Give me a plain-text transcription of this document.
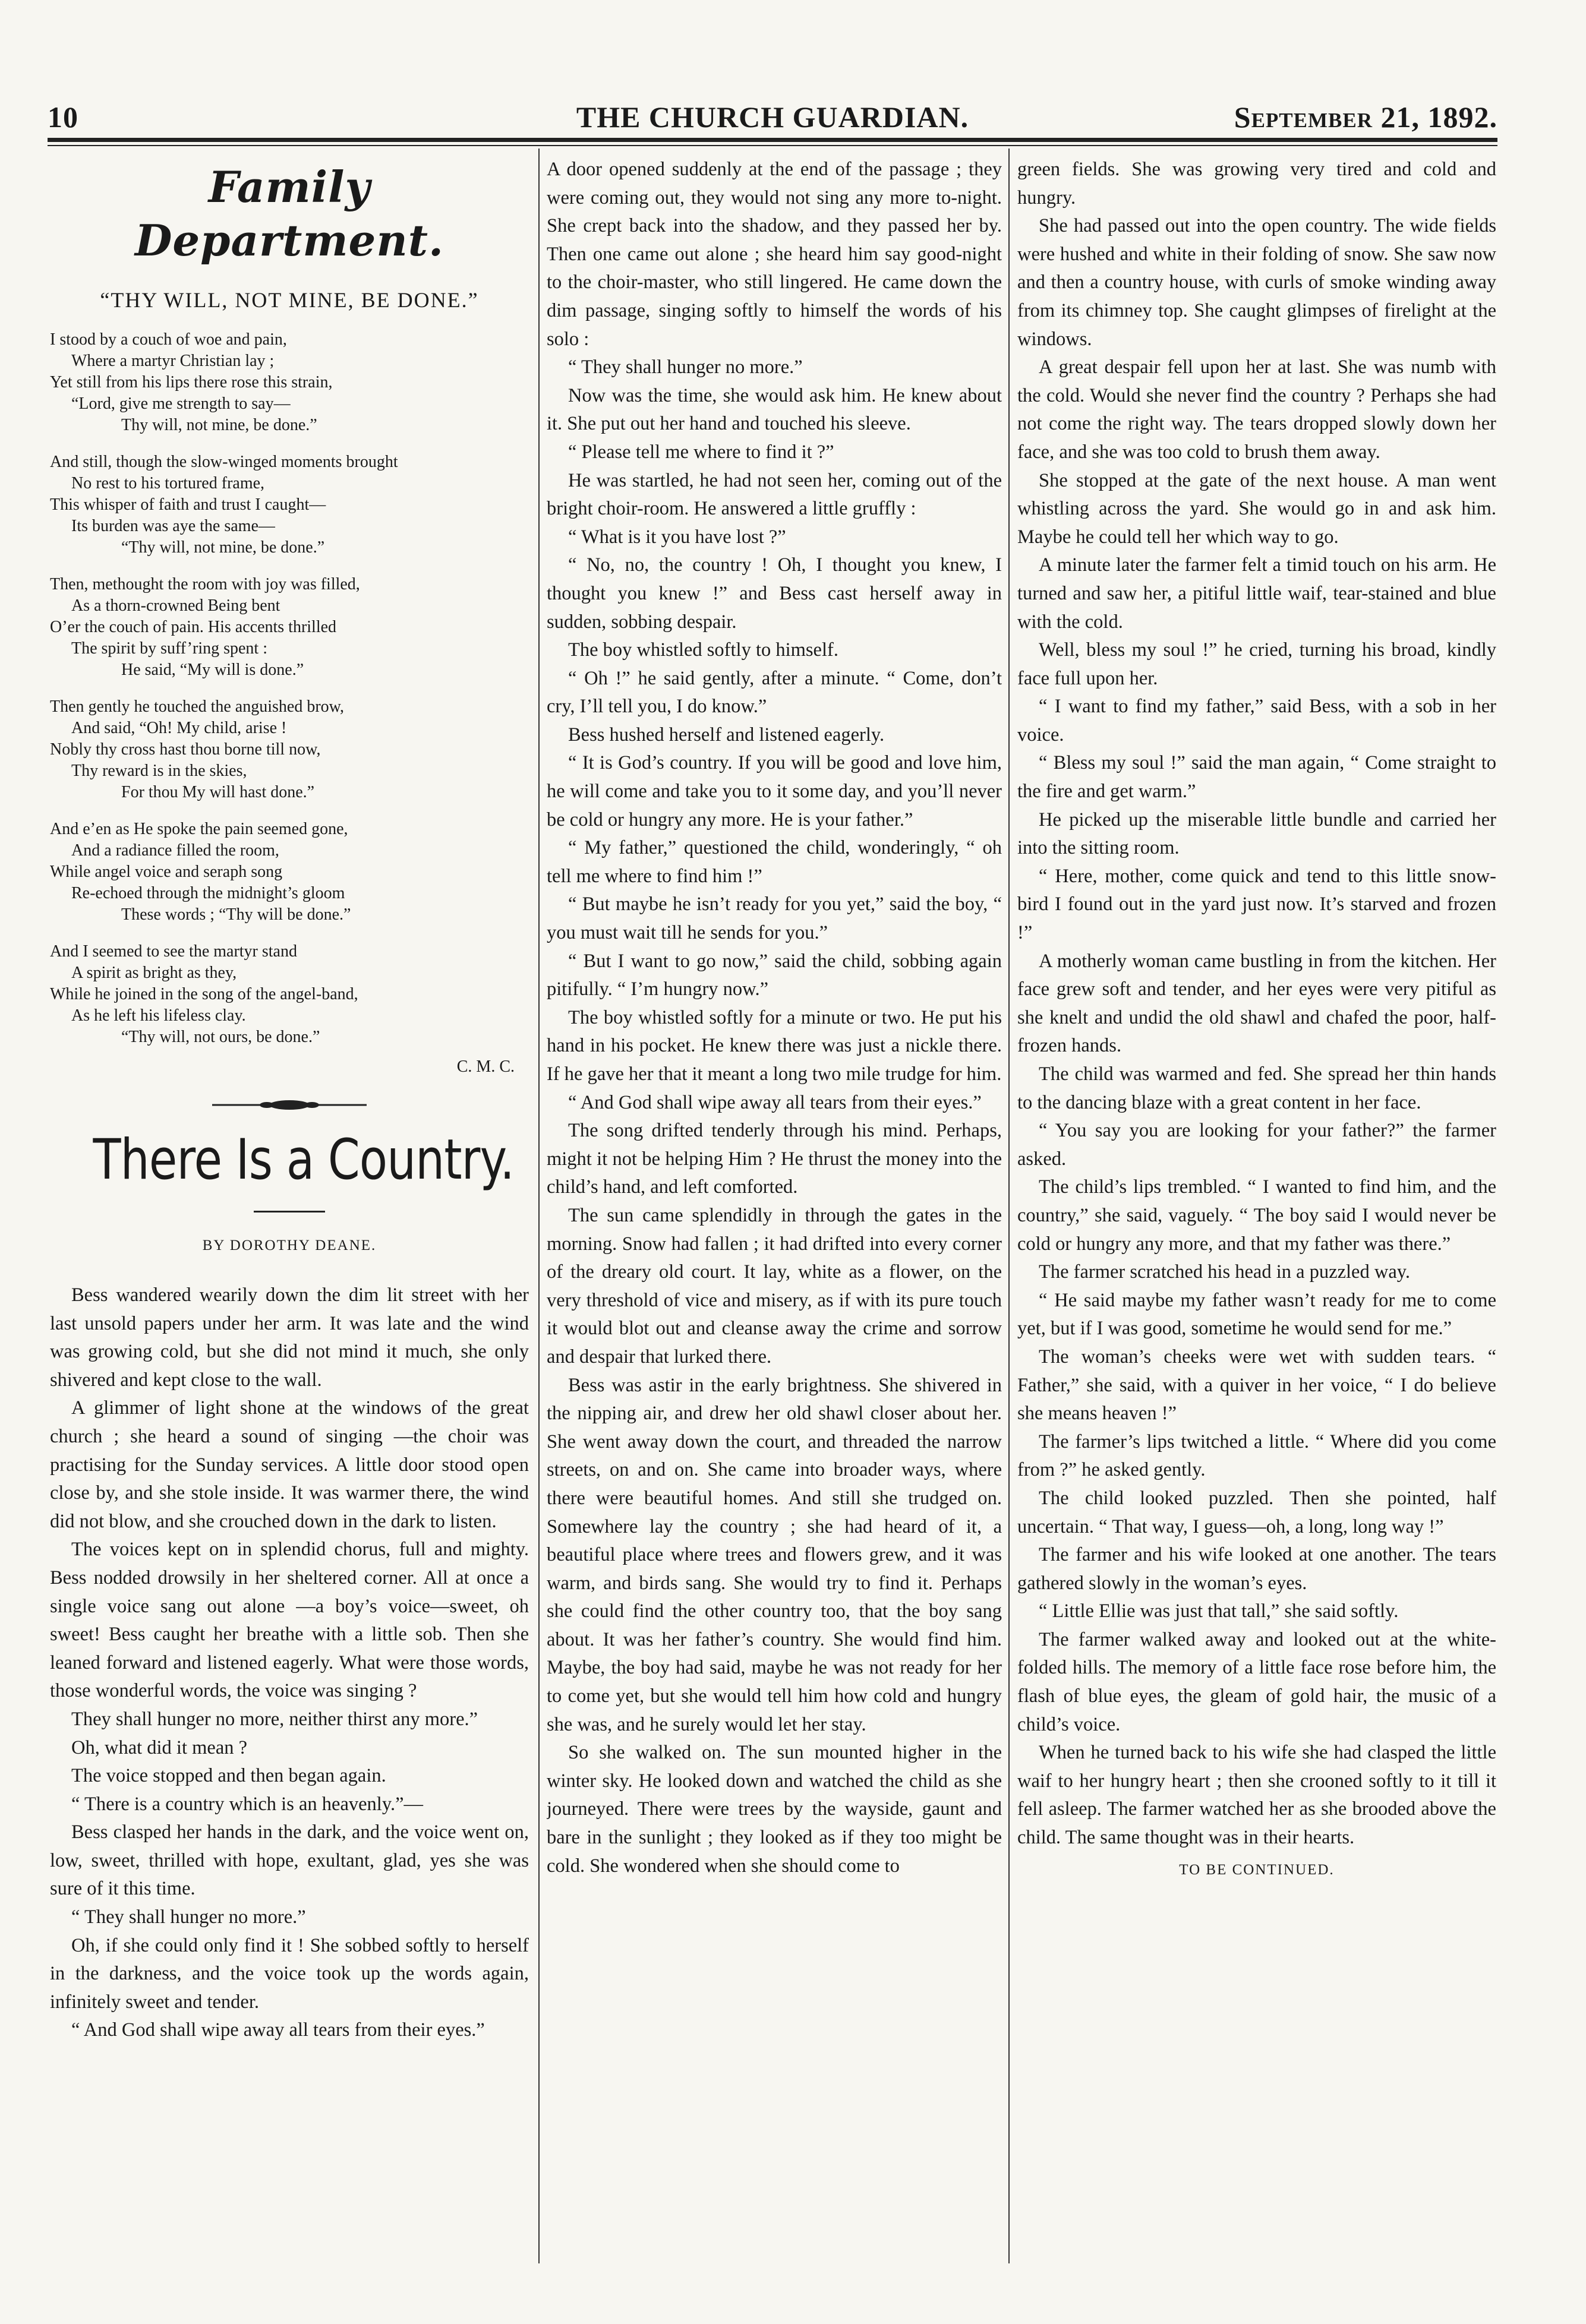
10	THE CHURCH GUARDIAN.	September 21, 1892.
Family Department.
“THY WILL, NOT MINE, BE DONE.”
I stood by a couch of woe and pain,
Where a martyr Christian lay ;
Yet still from his lips there rose this strain,
“Lord, give me strength to say—
Thy will, not mine, be done.”
And still, though the slow-winged moments brought
No rest to his tortured frame,
This whisper of faith and trust I caught—
Its burden was aye the same—
“Thy will, not mine, be done.”
Then, methought the room with joy was filled,
As a thorn-crowned Being bent
O’er the couch of pain. His accents thrilled
The spirit by suff’ring spent :
He said, “My will is done.”
Then gently he touched the anguished brow,
And said, “Oh! My child, arise !
Nobly thy cross hast thou borne till now,
Thy reward is in the skies,
For thou My will hast done.”
And e’en as He spoke the pain seemed gone,
And a radiance filled the room,
While angel voice and seraph song
Re-echoed through the midnight’s gloom
These words ; “Thy will be done.”
And I seemed to see the martyr stand
A spirit as bright as they,
While he joined in the song of the angel-band,
As he left his lifeless clay.
“Thy will, not ours, be done.”
C. M. C.
There Is a Country.
BY DOROTHY DEANE.

Bess wandered wearily down the dim lit street with her last unsold papers under her arm. It was late and the wind was growing cold, but she did not mind it much, she only shivered and kept close to the wall.

A glimmer of light shone at the windows of the great church ; she heard a sound of singing —the choir was practising for the Sunday services. A little door stood open close by, and she stole inside. It was warmer there, the wind did not blow, and she crouched down in the dark to listen.

The voices kept on in splendid chorus, full and mighty. Bess nodded drowsily in her sheltered corner. All at once a single voice sang out alone —a boy’s voice—sweet, oh sweet! Bess caught her breathe with a little sob. Then she leaned forward and listened eagerly. What were those words, those wonderful words, the voice was singing ?

They shall hunger no more, neither thirst any more.”

Oh, what did it mean ?

The voice stopped and then began again.

“ There is a country which is an heavenly.”—

Bess clasped her hands in the dark, and the voice went on, low, sweet, thrilled with hope, exultant, glad, yes she was sure of it this time.

“ They shall hunger no more.”

Oh, if she could only find it ! She sobbed softly to herself in the darkness, and the voice took up the words again, infinitely sweet and tender.

“ And God shall wipe away all tears from their eyes.”

A door opened suddenly at the end of the passage ; they were coming out, they would not sing any more to-night. She crept back into the shadow, and they passed her by. Then one came out alone ; she heard him say good-night to the choir-master, who still lingered. He came down the dim passage, singing softly to himself the words of his solo :

“ They shall hunger no more.”

Now was the time, she would ask him. He knew about it. She put out her hand and touched his sleeve.

“ Please tell me where to find it ?”

He was startled, he had not seen her, coming out of the bright choir-room. He answered a little gruffly :

“ What is it you have lost ?”

“ No, no, the country ! Oh, I thought you knew, I thought you knew !” and Bess cast herself away in sudden, sobbing despair.

The boy whistled softly to himself.

“ Oh !” he said gently, after a minute. “ Come, don’t cry, I’ll tell you, I do know.”

Bess hushed herself and listened eagerly.

“ It is God’s country. If you will be good and love him, he will come and take you to it some day, and you’ll never be cold or hungry any more. He is your father.”

“ My father,” questioned the child, wonderingly, “ oh tell me where to find him !”

“ But maybe he isn’t ready for you yet,” said the boy, “ you must wait till he sends for you.”

“ But I want to go now,” said the child, sobbing again pitifully. “ I’m hungry now.”

The boy whistled softly for a minute or two. He put his hand in his pocket. He knew there was just a nickle there. If he gave her that it meant a long two mile trudge for him.

“ And God shall wipe away all tears from their eyes.”

The song drifted tenderly through his mind. Perhaps, might it not be helping Him ? He thrust the money into the child’s hand, and left comforted.

The sun came splendidly in through the gates in the morning. Snow had fallen ; it had drifted into every corner of the dreary old court. It lay, white as a flower, on the very threshold of vice and misery, as if with its pure touch it would blot out and cleanse away the crime and sorrow and despair that lurked there.

Bess was astir in the early brightness. She shivered in the nipping air, and drew her old shawl closer about her. She went away down the court, and threaded the narrow streets, on and on. She came into broader ways, where there were beautiful homes. And still she trudged on. Somewhere lay the country ; she had heard of it, a beautiful place where trees and flowers grew, and it was warm, and birds sang. She would try to find it. Perhaps she could find the other country too, that the boy sang about. It was her father’s country. She would find him. Maybe, the boy had said, maybe he was not ready for her to come yet, but she would tell him how cold and hungry she was, and he surely would let her stay.

So she walked on. The sun mounted higher in the winter sky. He looked down and watched the child as she journeyed. There were trees by the wayside, gaunt and bare in the sunlight ; they looked as if they too might be cold. She wondered when she should come to

green fields. She was growing very tired and cold and hungry.

She had passed out into the open country. The wide fields were hushed and white in their folding of snow. She saw now and then a country house, with curls of smoke winding away from its chimney top. She caught glimpses of firelight at the windows.

A great despair fell upon her at last. She was numb with the cold. Would she never find the country ? Perhaps she had not come the right way. The tears dropped slowly down her face, and she was too cold to brush them away.

She stopped at the gate of the next house. A man went whistling across the yard. She would go in and ask him. Maybe he could tell her which way to go.

A minute later the farmer felt a timid touch on his arm. He turned and saw her, a pitiful little waif, tear-stained and blue with the cold.

Well, bless my soul !” he cried, turning his broad, kindly face full upon her.

“ I want to find my father,” said Bess, with a sob in her voice.

“ Bless my soul !” said the man again, “ Come straight to the fire and get warm.”

He picked up the miserable little bundle and carried her into the sitting room.

“ Here, mother, come quick and tend to this little snow-bird I found out in the yard just now. It’s starved and frozen !”

A motherly woman came bustling in from the kitchen. Her face grew soft and tender, and her eyes were very pitiful as she knelt and undid the old shawl and chafed the poor, half-frozen hands.

The child was warmed and fed. She spread her thin hands to the dancing blaze with a great content in her face.

“ You say you are looking for your father?” the farmer asked.

The child’s lips trembled. “ I wanted to find him, and the country,” she said, vaguely. “ The boy said I would never be cold or hungry any more, and that my father was there.”

The farmer scratched his head in a puzzled way.

“ He said maybe my father wasn’t ready for me to come yet, but if I was good, sometime he would send for me.”

The woman’s cheeks were wet with sudden tears. “ Father,” she said, with a quiver in her voice, “ I do believe she means heaven !”

The farmer’s lips twitched a little. “ Where did you come from ?” he asked gently.

The child looked puzzled. Then she pointed, half uncertain. “ That way, I guess—oh, a long, long way !”

The farmer and his wife looked at one another. The tears gathered slowly in the woman’s eyes.

“ Little Ellie was just that tall,” she said softly.

The farmer walked away and looked out at the white-folded hills. The memory of a little face rose before him, the flash of blue eyes, the gleam of gold hair, the music of a child’s voice.

When he turned back to his wife she had clasped the little waif to her hungry heart ; then she crooned softly to it till it fell asleep. The farmer watched her as she brooded above the child. The same thought was in their hearts.

TO BE CONTINUED.
